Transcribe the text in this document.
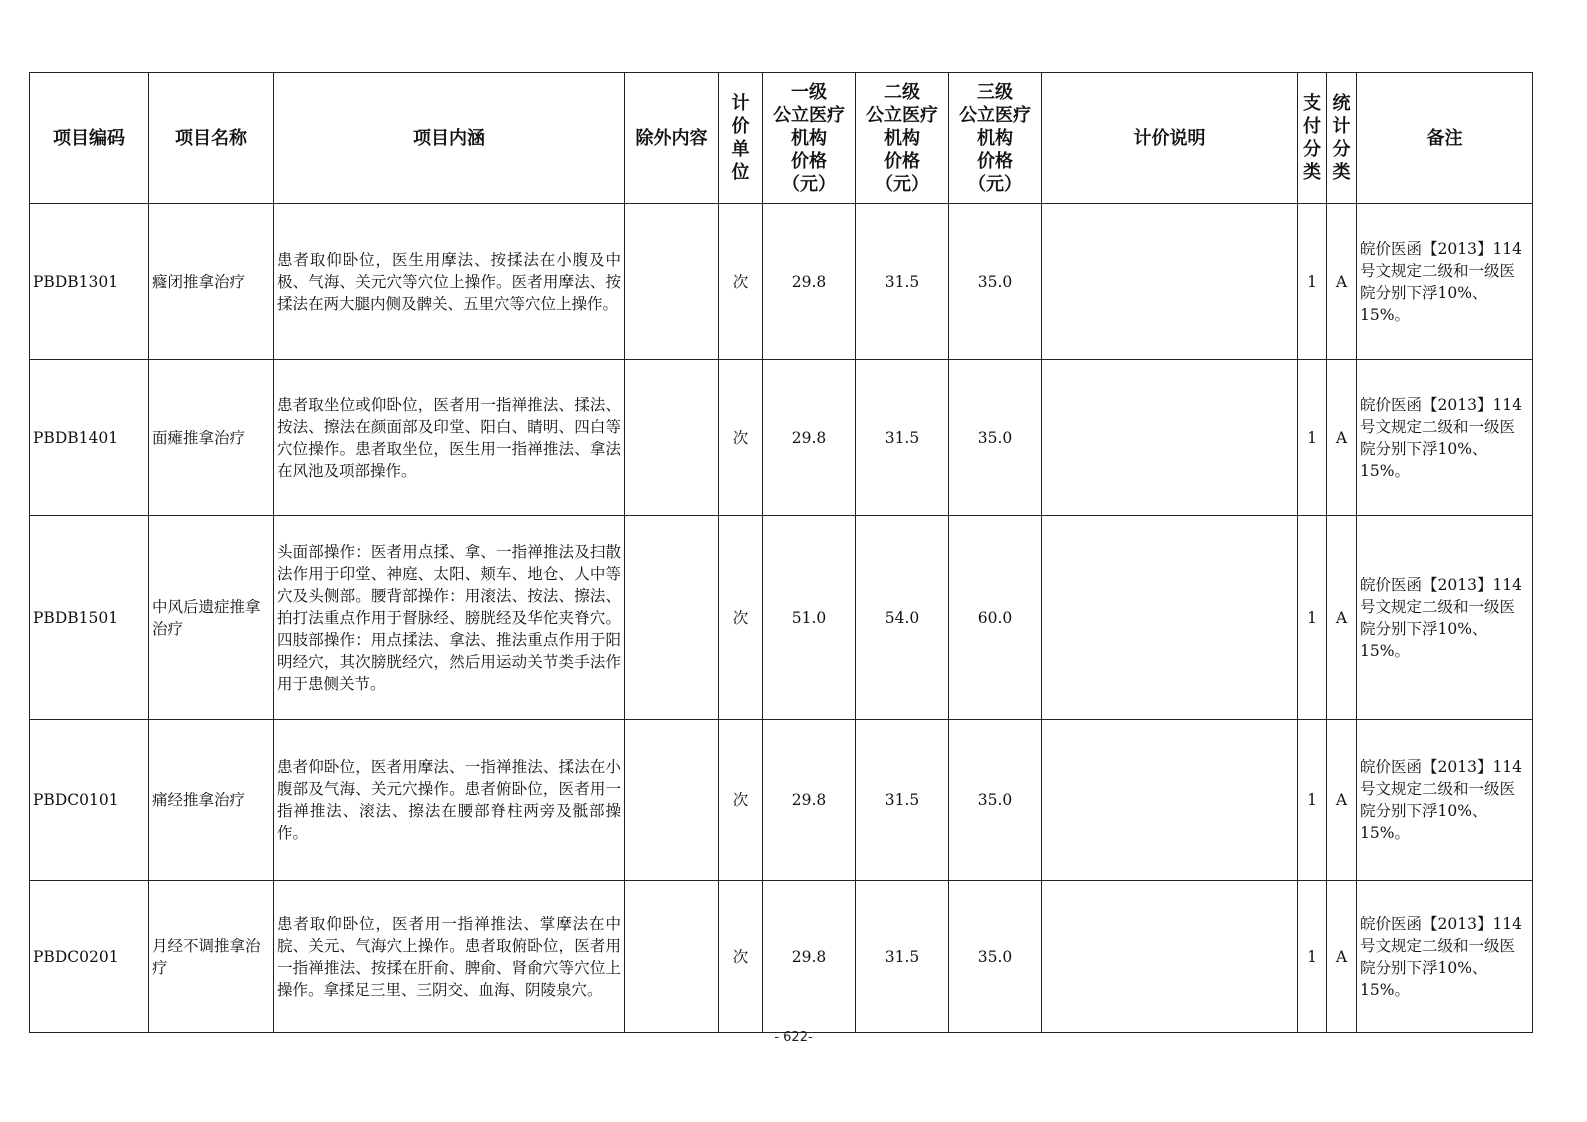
项目编码	项目名称	项目内涵	除外内容	计
价
单
位	一级
公立医疗
机构
价格
（元）	二级
公立医疗
机构
价格
（元）	三级
公立医疗
机构
价格
（元）	计价说明	支
付
分
类	统
计
分
类	备注
PBDB1301	癃闭推拿治疗	患者取仰卧位，医生用摩法、按揉法在小腹及中极、气海、关元穴等穴位上操作。医者用摩法、按揉法在两大腿内侧及髀关、五里穴等穴位上操作。		次	29.8	31.5	35.0		1	A	皖价医函【2013】114号文规定二级和一级医院分别下浮10%、15%。
PBDB1401	面瘫推拿治疗	患者取坐位或仰卧位，医者用一指禅推法、揉法、按法、擦法在颜面部及印堂、阳白、睛明、四白等穴位操作。患者取坐位，医生用一指禅推法、拿法在风池及项部操作。		次	29.8	31.5	35.0		1	A	皖价医函【2013】114号文规定二级和一级医院分别下浮10%、15%。
PBDB1501	中风后遗症推拿治疗	头面部操作：医者用点揉、拿、一指禅推法及扫散法作用于印堂、神庭、太阳、颊车、地仓、人中等穴及头侧部。腰背部操作：用滚法、按法、擦法、拍打法重点作用于督脉经、膀胱经及华佗夹脊穴。四肢部操作：用点揉法、拿法、推法重点作用于阳明经穴，其次膀胱经穴，然后用运动关节类手法作用于患侧关节。		次	51.0	54.0	60.0		1	A	皖价医函【2013】114号文规定二级和一级医院分别下浮10%、15%。
PBDC0101	痛经推拿治疗	患者仰卧位，医者用摩法、一指禅推法、揉法在小腹部及气海、关元穴操作。患者俯卧位，医者用一指禅推法、滚法、擦法在腰部脊柱两旁及骶部操作。		次	29.8	31.5	35.0		1	A	皖价医函【2013】114号文规定二级和一级医院分别下浮10%、15%。
PBDC0201	月经不调推拿治疗	患者取仰卧位，医者用一指禅推法、掌摩法在中脘、关元、气海穴上操作。患者取俯卧位，医者用一指禅推法、按揉在肝俞、脾俞、肾俞穴等穴位上操作。拿揉足三里、三阴交、血海、阴陵泉穴。		次	29.8	31.5	35.0		1	A	皖价医函【2013】114号文规定二级和一级医院分别下浮10%、15%。
- 622-
